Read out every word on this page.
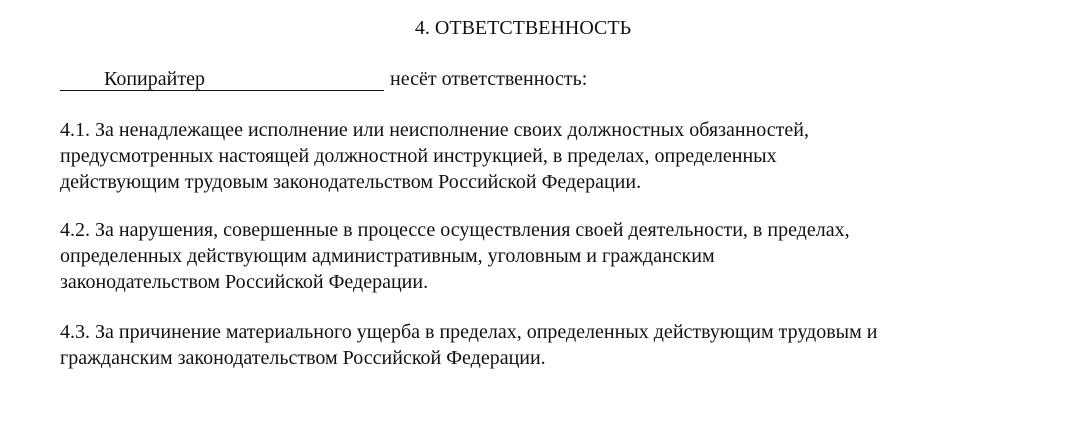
4. ОТВЕТСТВЕННОСТЬ
Копирайтер	несёт ответственность:

4.1. За ненадлежащее исполнение или неисполнение своих должностных обязанностей,
предусмотренных настоящей должностной инструкцией, в пределах, определенных
действующим трудовым законодательством Российской Федерации.

4.2. За нарушения, совершенные в процессе осуществления своей деятельности, в пределах,
определенных действующим административным, уголовным и гражданским
законодательством Российской Федерации.

4.3. За причинение материального ущерба в пределах, определенных действующим трудовым и
гражданским законодательством Российской Федерации.
